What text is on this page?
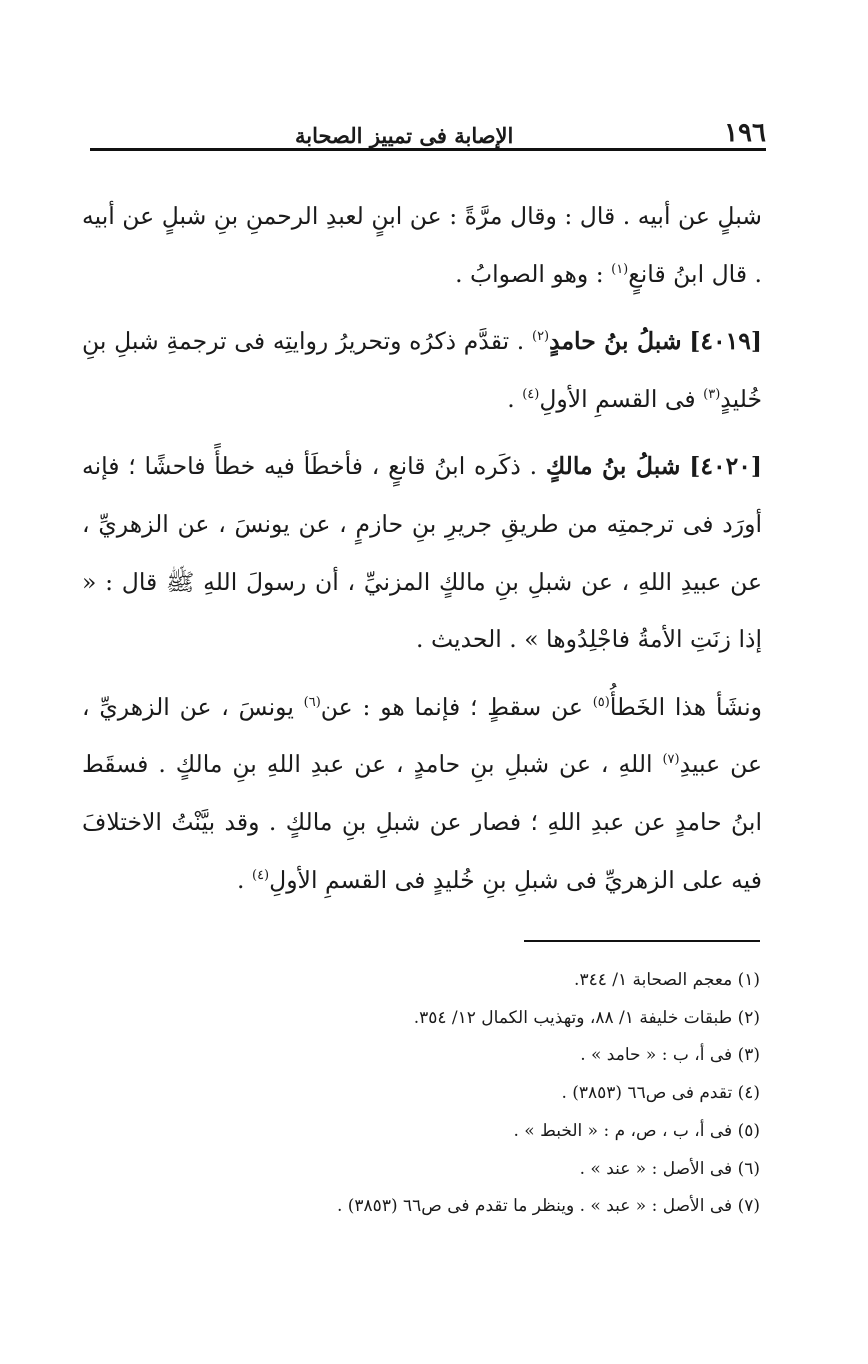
١٩٦
الإصابة فى تمييز الصحابة

شبلٍ عن أبيه . قال : وقال مرَّةً : عن ابنٍ لعبدِ الرحمنِ بنِ شبلٍ عن أبيه . قال ابنُ قانعٍ$^{(١)}$ : وهو الصوابُ .

[٤٠١٩] شبلُ بنُ حامدٍ$^{(٢)}$ . تقدَّم ذكرُه وتحريرُ روايتِه فى ترجمةِ شبلِ بنِ خُليدٍ$^{(٣)}$ فى القسمِ الأولِ$^{(٤)}$ .

[٤٠٢٠] شبلُ بنُ مالكٍ . ذكَره ابنُ قانعٍ ، فأخطَأ فيه خطأً فاحشًا ؛ فإنه أورَد فى ترجمتِه من طريقِ جريرِ بنِ حازمٍ ، عن يونسَ ، عن الزهريِّ ، عن عبيدِ اللهِ ، عن شبلِ بنِ مالكٍ المزنيِّ ، أن رسولَ اللهِ ﷺ قال : « إذا زنَتِ الأمةُ فاجْلِدُوها » . الحديث .

ونشَأ هذا الخَطأُ$^{(٥)}$ عن سقطٍ ؛ فإنما هو : عن$^{(٦)}$ يونسَ ، عن الزهريِّ ، عن عبيدِ$^{(٧)}$ اللهِ ، عن شبلِ بنِ حامدٍ ، عن عبدِ اللهِ بنِ مالكٍ . فسقَط ابنُ حامدٍ عن عبدِ اللهِ ؛ فصار عن شبلِ بنِ مالكٍ . وقد بيَّنْتُ الاختلافَ فيه على الزهريِّ فى شبلِ بنِ خُليدٍ فى القسمِ الأولِ$^{(٤)}$ .

(١) معجم الصحابة ١/ ٣٤٤.
(٢) طبقات خليفة ١/ ٨٨، وتهذيب الكمال ١٢/ ٣٥٤.
(٣) فى أ، ب : « حامد » .
(٤) تقدم فى ص٦٦ (٣٨٥٣) .
(٥) فى أ، ب ، ص، م : « الخبط » .
(٦) فى الأصل : « عند » .
(٧) فى الأصل : « عبد » . وينظر ما تقدم فى ص٦٦ (٣٨٥٣) .
